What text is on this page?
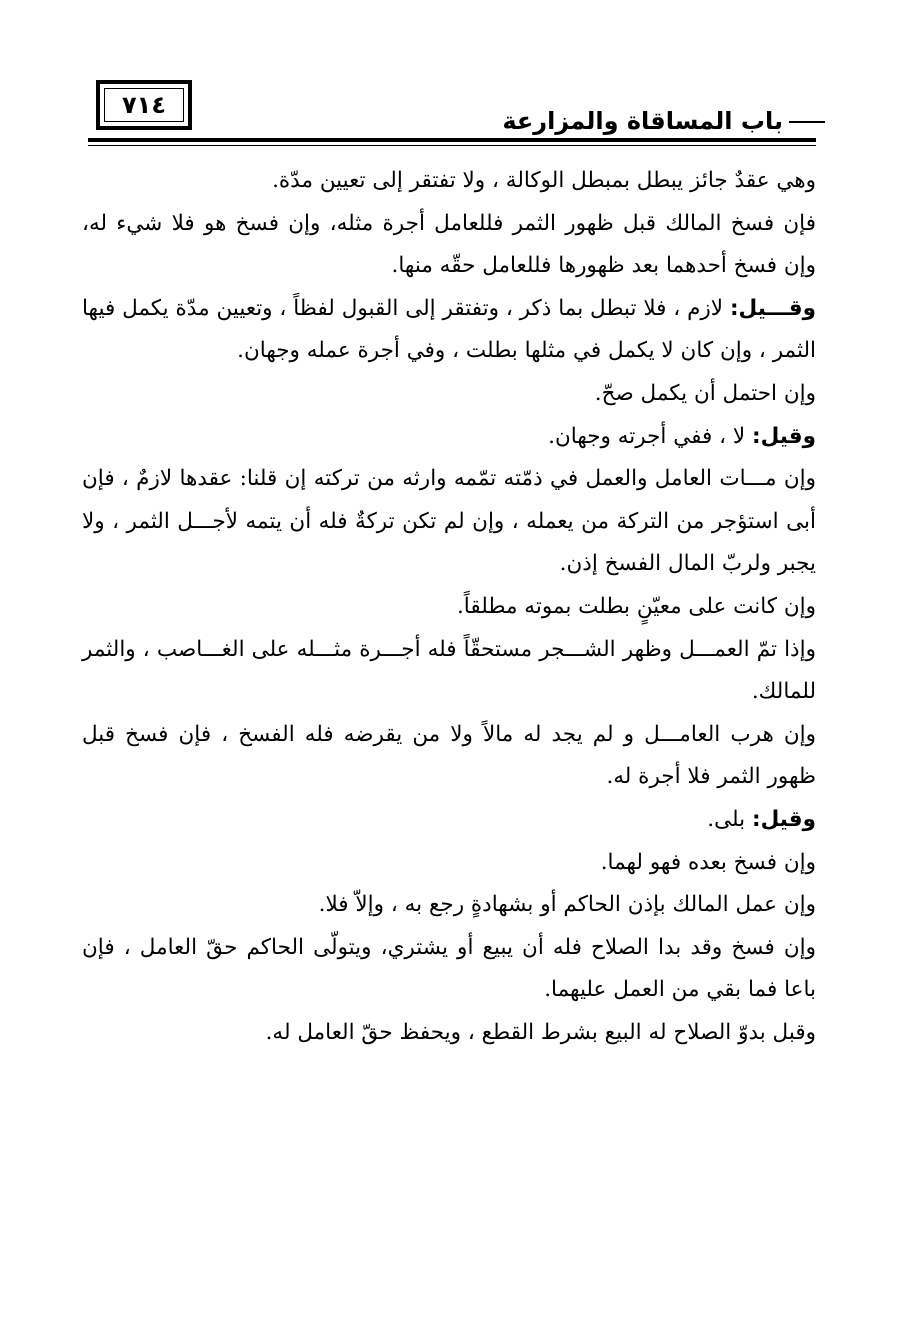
٧١٤
باب المساقاة والمزارعة

وهي عقدٌ جائز يبطل بمبطل الوكالة ، ولا تفتقر إلى تعيين مدّة.

فإن فسخ المالك قبل ظهور الثمر فللعامل أجرة مثله، وإن فسخ هو فلا شيء له، وإن فسخ أحدهما بعد ظهورها فللعامل حقّه منها.

وقـــيل: لازم ، فلا تبطل بما ذكر ، وتفتقر إلى القبول لفظاً ، وتعيين مدّة يكمل فيها الثمر ، وإن كان لا يكمل في مثلها بطلت ، وفي أجرة عمله وجهان.

وإن احتمل أن يكمل صحّ.

وقيل: لا ، ففي أجرته وجهان.

وإن مـــات العامل والعمل في ذمّته تمّمه وارثه من تركته إن قلنا: عقدها لازمٌ ، فإن أبى استؤجر من التركة من يعمله ، وإن لم تكن تركةٌ فله أن يتمه لأجـــل الثمر ، ولا يجبر ولربّ المال الفسخ إذن.

وإن كانت على معيّنٍ بطلت بموته مطلقاً.

وإذا تمّ العمـــل وظهر الشـــجر مستحقّاً فله أجـــرة مثـــله على الغـــاصب ، والثمر للمالك.

وإن هرب العامـــل و لم يجد له مالاً ولا من يقرضه فله الفسخ ، فإن فسخ قبل ظهور الثمر فلا أجرة له.

وقيل: بلى.

وإن فسخ بعده فهو لهما.

وإن عمل المالك بإذن الحاكم أو بشهادةٍ رجع به ، وإلاّ فلا.

وإن فسخ وقد بدا الصلاح فله أن يبيع أو يشتري، ويتولّى الحاكم حقّ العامل ، فإن باعا فما بقي من العمل عليهما.

وقبل بدوّ الصلاح له البيع بشرط القطع ، ويحفظ حقّ العامل له.
